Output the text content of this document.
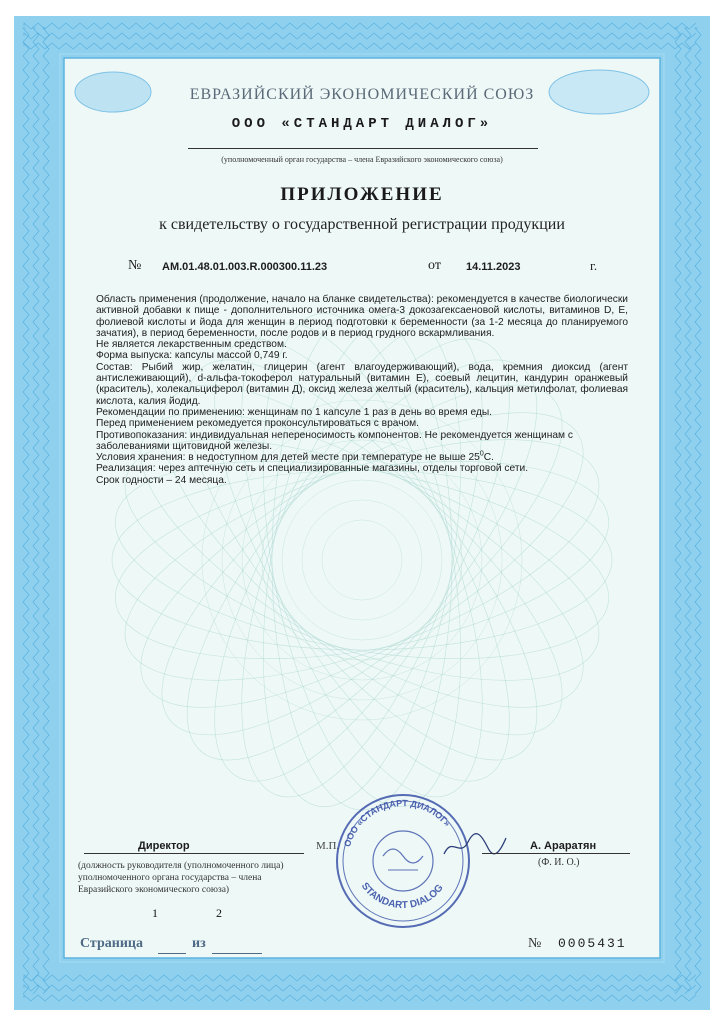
ЕВРАЗИЙСКИЙ ЭКОНОМИЧЕСКИЙ СОЮЗ
ООО «СТАНДАРТ ДИАЛОГ»
(уполномоченный орган государства – члена Евразийского экономического союза)
ПРИЛОЖЕНИЕ
к свидетельству о государственной регистрации продукции
№ AM.01.48.01.003.R.000300.11.23	от 14.11.2023	г.

Область применения (продолжение, начало на бланке свидетельства): рекомендуется в качестве биологически активной добавки к пище - дополнительного источника омега-3 докозагексаеновой кислоты, витаминов D, E, фолиевой кислоты и йода для женщин в период подготовки к беременности (за 1-2 месяца до планируемого зачатия), в период беременности, после родов и в период грудного вскармливания.

Не является лекарственным средством.

Форма выпуска: капсулы массой 0,749 г.

Состав: Рыбий жир, желатин, глицерин (агент влагоудерживающий), вода, кремния диоксид (агент антислеживающий), d-альфа-токоферол натуральный (витамин Е), соевый лецитин, кандурин оранжевый (краситель), холекальциферол (витамин Д), оксид железа желтый (краситель), кальция метилфолат, фолиевая кислота, калия йодид.

Рекомендации по применению: женщинам по 1 капсуле 1 раз в день во время еды.

Перед применением рекомедуется проконсультироваться с врачом.

Противопоказания: индивидуальная непереносимость компонентов. Не рекомендуется женщинам с заболеваниями щитовидной железы.

Условия хранения: в недоступном для детей месте при температуре не выше $25^0С$.

Реализация: через аптечную сеть и специализированные магазины, отделы торговой сети.

Срок годности – 24 месяца.

ООО «СТАНДАРТ ДИАЛОГ»
STANDART DIALOG
Директор	М.П.	А. Араратян
(Ф. И. О.)
(должность руководителя (уполномоченного лица) уполномоченного органа государства – члена Евразийского экономического союза)
Страница
1
из
2
№ 0005431
